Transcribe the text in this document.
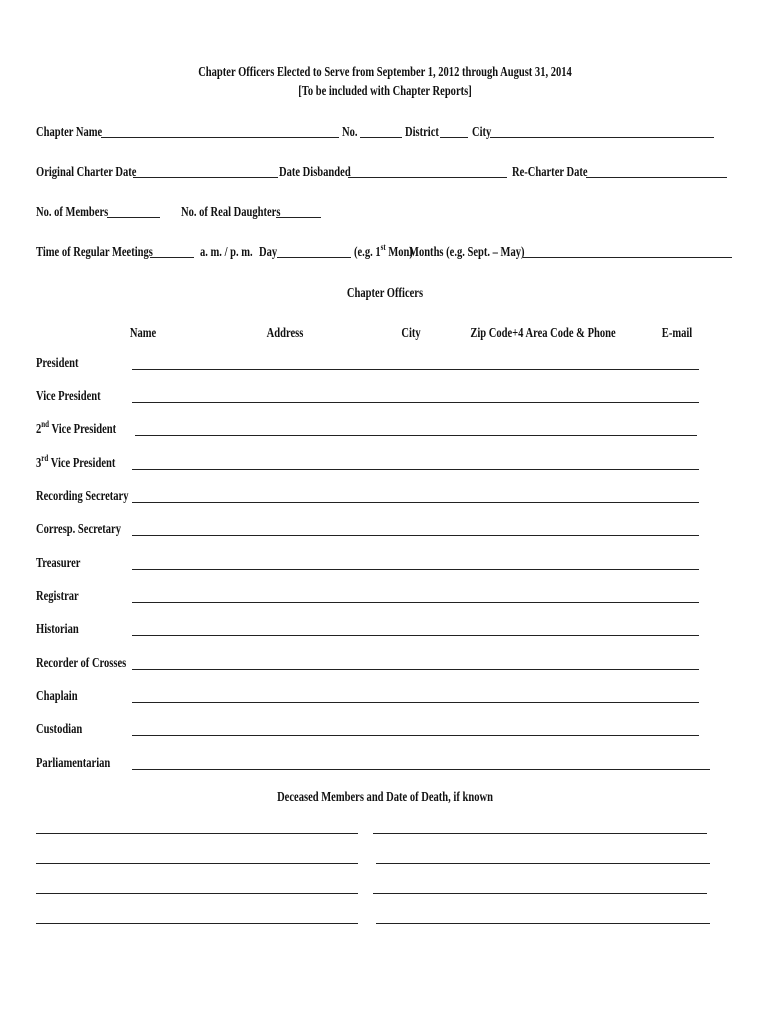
Chapter Officers Elected to Serve from September 1, 2012 through August 31, 2014
[To be included with Chapter Reports]
Chapter Name	No.	District City
Original Charter Date	Date Disbanded	Re-Charter Date
No. of Members	No. of Real Daughters
Time of Regular Meetings	a. m. / p. m. Day	(e.g. 1st Mon)
Months (e.g. Sept. – May)
Chapter Officers
Name	Address	City	Zip Code+4 Area Code & Phone	E-mail
President
Vice President
2nd Vice President
3rd Vice President
Recording Secretary
Corresp. Secretary
Treasurer
Registrar
Historian
Recorder of Crosses
Chaplain
Custodian
Parliamentarian
Deceased Members and Date of Death, if known
